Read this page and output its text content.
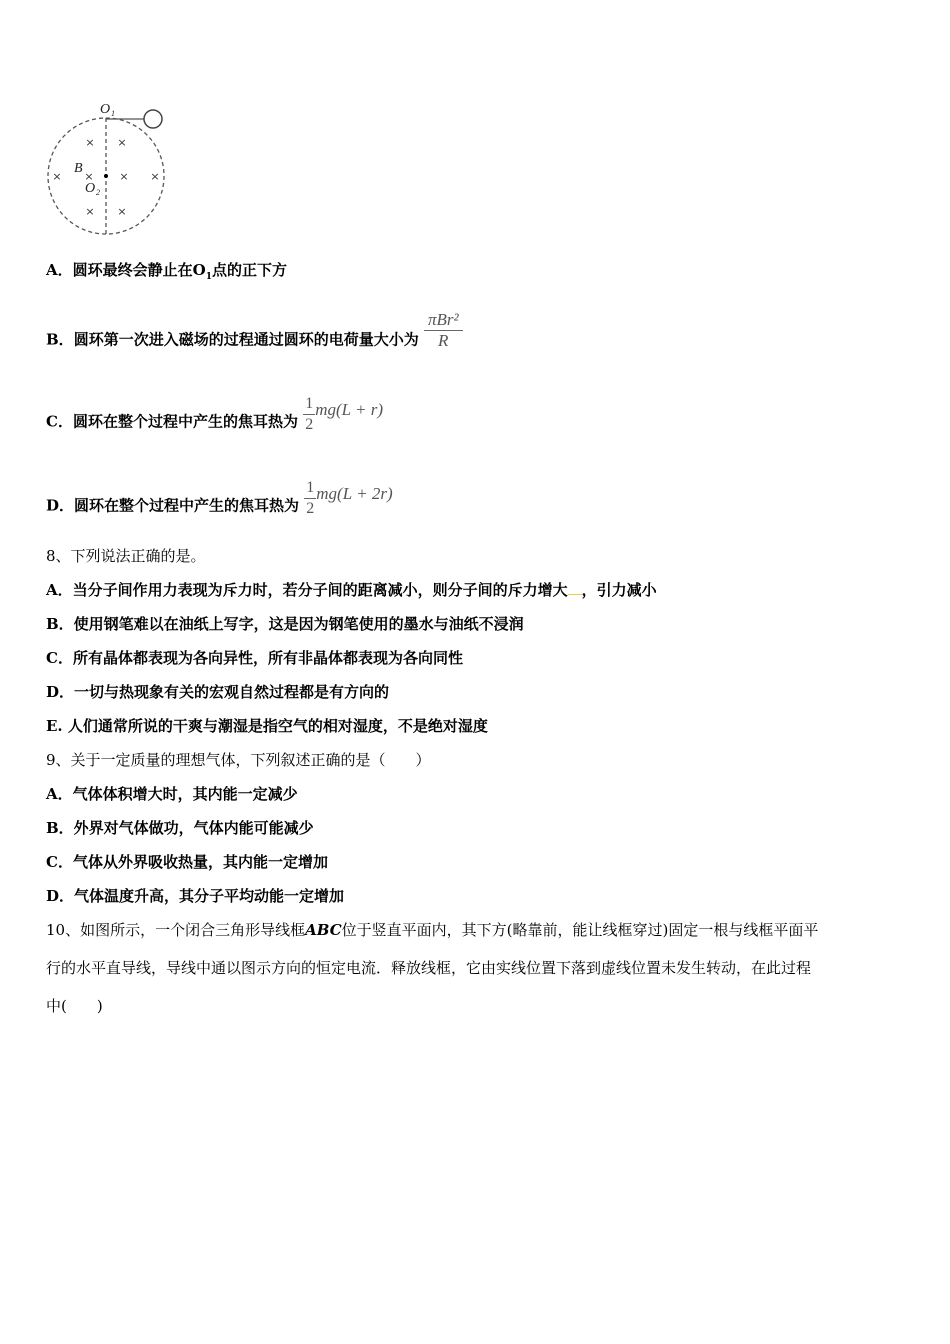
× ×
× × × ×
× ×
O 1
B
O 2
A．圆环最终会静止在$O_1$点的正下方
B．圆环第一次进入磁场的过程通过圆环的电荷量大小为 $\frac{\text{πBr²}}{R}$
C．圆环在整个过程中产生的焦耳热为 $\frac{1}{2} mg(L + r)$
D．圆环在整个过程中产生的焦耳热为 $\frac{1}{2} mg(L + 2r)$
8、下列说法正确的是。
A．当分子间作用力表现为斥力时，若分子间的距离减小，则分子间的斥力增大 ，引力减小
B．使用钢笔难以在油纸上写字，这是因为钢笔使用的墨水与油纸不浸润
C．所有晶体都表现为各向异性，所有非晶体都表现为各向同性
D．一切与热现象有关的宏观自然过程都是有方向的
E. 人们通常所说的干爽与潮湿是指空气的相对湿度，不是绝对湿度
9、关于一定质量的理想气体，下列叙述正确的是（　　）
A．气体体积增大时，其内能一定减少
B．外界对气体做功，气体内能可能减少
C．气体从外界吸收热量，其内能一定增加
D．气体温度升高，其分子平均动能一定增加
10、如图所示，一个闭合三角形导线框ABC位于竖直平面内，其下方(略靠前，能让线框穿过)固定一根与线框平面平
行的水平直导线，导线中通以图示方向的恒定电流．释放线框，它由实线位置下落到虚线位置未发生转动，在此过程
中(　　)
